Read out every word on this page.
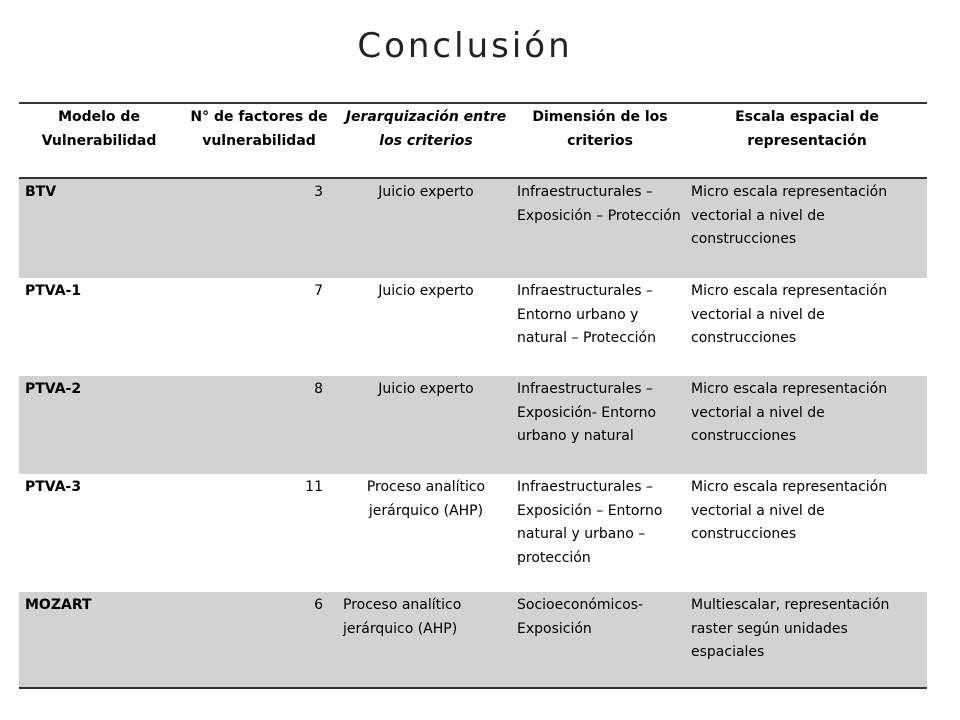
Conclusión
Modelo de Vulnerabilidad	N° de factores de vulnerabilidad	Jerarquización entre los criterios	Dimensión de los criterios	Escala espacial de representación
BTV	3	Juicio experto	Infraestructurales – Exposición – Protección	Micro escala representación vectorial a nivel de construcciones
PTVA-1	7	Juicio experto	Infraestructurales – Entorno urbano y natural – Protección	Micro escala representación vectorial a nivel de construcciones
PTVA-2	8	Juicio experto	Infraestructurales – Exposición- Entorno urbano y natural	Micro escala representación vectorial a nivel de construcciones
PTVA-3	11	Proceso analítico jerárquico (AHP)	Infraestructurales – Exposición – Entorno natural y urbano – protección	Micro escala representación vectorial a nivel de construcciones
MOZART	6	Proceso analítico jerárquico (AHP)	Socioeconómicos- Exposición	Multiescalar, representación raster según unidades espaciales
